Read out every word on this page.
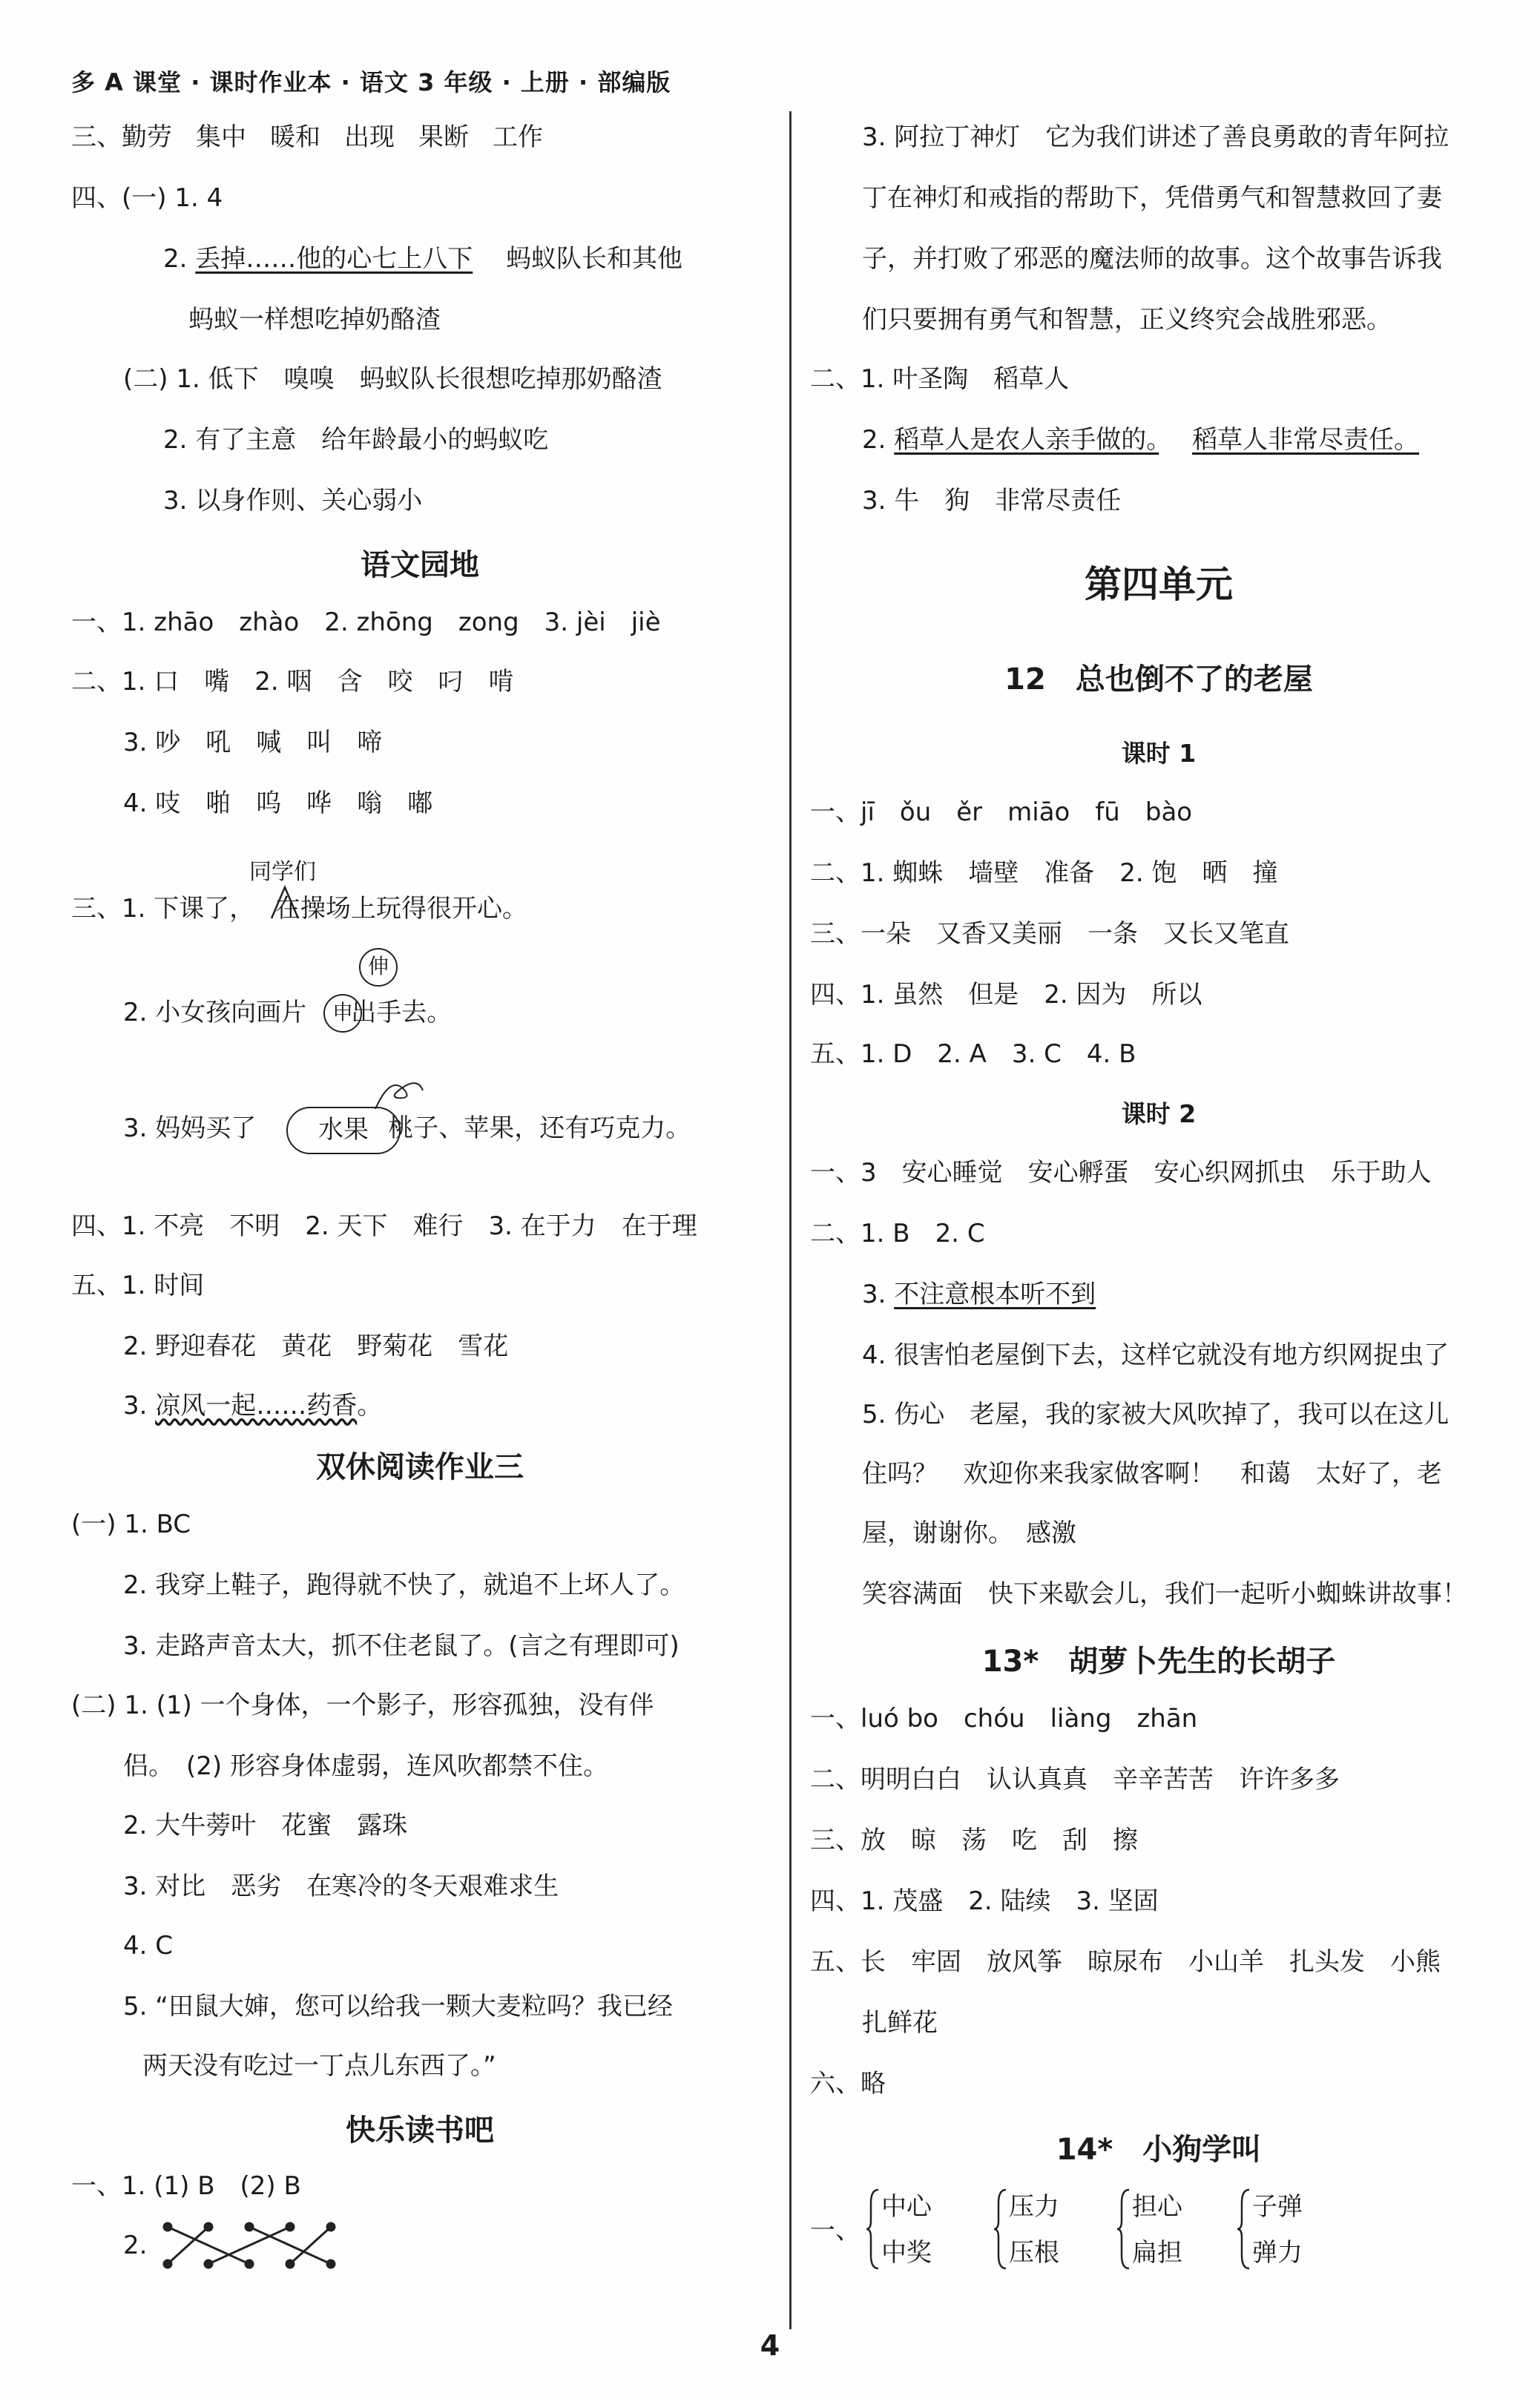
多 A 课堂 · 课时作业本 · 语文 3 年级 · 上册 · 部编版
三、勤劳 集中 暖和 出现 果断 工作
四、(一) 1. 4
2. 丢掉……他的心七上八下　 蚂蚁队长和其他
蚂蚁一样想吃掉奶酪渣
(二) 1. 低下　嗅嗅　蚂蚁队长很想吃掉那奶酪渣
2. 有了主意　给年龄最小的蚂蚁吃
3. 以身作则、关心弱小
语文园地
一、1. zhāo　zhào　2. zhōng　zong　3. jèi　jiè
二、1. 口　嘴　2. 咽　含　咬　叼　啃
3. 吵　吼　喊　叫　啼
4. 吱　啪　呜　哗　嗡　嘟
同学们
三、1. 下课了，　 在操场上玩得很开心。
伸
申
2. 小女孩向画片 出手去。
水果
3. 妈妈买了	桃子、苹果，还有巧克力。
四、1. 不亮　不明　2. 天下　难行　3. 在于力　在于理
五、1. 时间
2. 野迎春花　黄花　野菊花　雪花
3. 凉风一起……药香。
双休阅读作业三
(一) 1. BC
2. 我穿上鞋子，跑得就不快了，就追不上坏人了。
3. 走路声音太大，抓不住老鼠了。(言之有理即可)
(二) 1. (1) 一个身体，一个影子，形容孤独，没有伴
侣。　(2) 形容身体虚弱，连风吹都禁不住。
2. 大牛蒡叶　花蜜　露珠
3. 对比　恶劣　在寒冷的冬天艰难求生
4. C
5. “田鼠大婶，您可以给我一颗大麦粒吗？我已经
两天没有吃过一丁点儿东西了。”
快乐读书吧
一、1. (1) B　(2) B
2.
3. 阿拉丁神灯　它为我们讲述了善良勇敢的青年阿拉
丁在神灯和戒指的帮助下，凭借勇气和智慧救回了妻
子，并打败了邪恶的魔法师的故事。这个故事告诉我
们只要拥有勇气和智慧，正义终究会战胜邪恶。
二、1. 叶圣陶　稻草人
2. 稻草人是农人亲手做的。　 稻草人非常尽责任。
3. 牛　狗　非常尽责任
第四单元
12　总也倒不了的老屋
课时 1
一、jī　ǒu　ěr　miāo　fū　bào
二、1. 蜘蛛　墙壁　准备　2. 饱　晒　撞
三、一朵　又香又美丽　一条　又长又笔直
四、1. 虽然　但是　2. 因为　所以
五、1. D　2. A　3. C　4. B
课时 2
一、3　安心睡觉　安心孵蛋　安心织网抓虫　乐于助人
二、1. B　2. C
3. 不注意根本听不到
4. 很害怕老屋倒下去，这样它就没有地方织网捉虫了
5. 伤心　老屋，我的家被大风吹掉了，我可以在这儿
住吗？　欢迎你来我家做客啊！　和蔼　太好了，老
屋，谢谢你。　感激
笑容满面　快下来歇会儿，我们一起听小蜘蛛讲故事！
13*　胡萝卜先生的长胡子
一、luó bo　chóu　liàng　zhān
二、明明白白　认认真真　辛辛苦苦　许许多多
三、放　晾　荡　吃　刮　擦
四、1. 茂盛　2. 陆续　3. 坚固
五、长　牢固　放风筝　晾尿布　小山羊　扎头发　小熊
扎鲜花
六、略
14*　小狗学叫
一、
中心
中奖
压力
压根
担心
扁担
子弹
弹力
4
